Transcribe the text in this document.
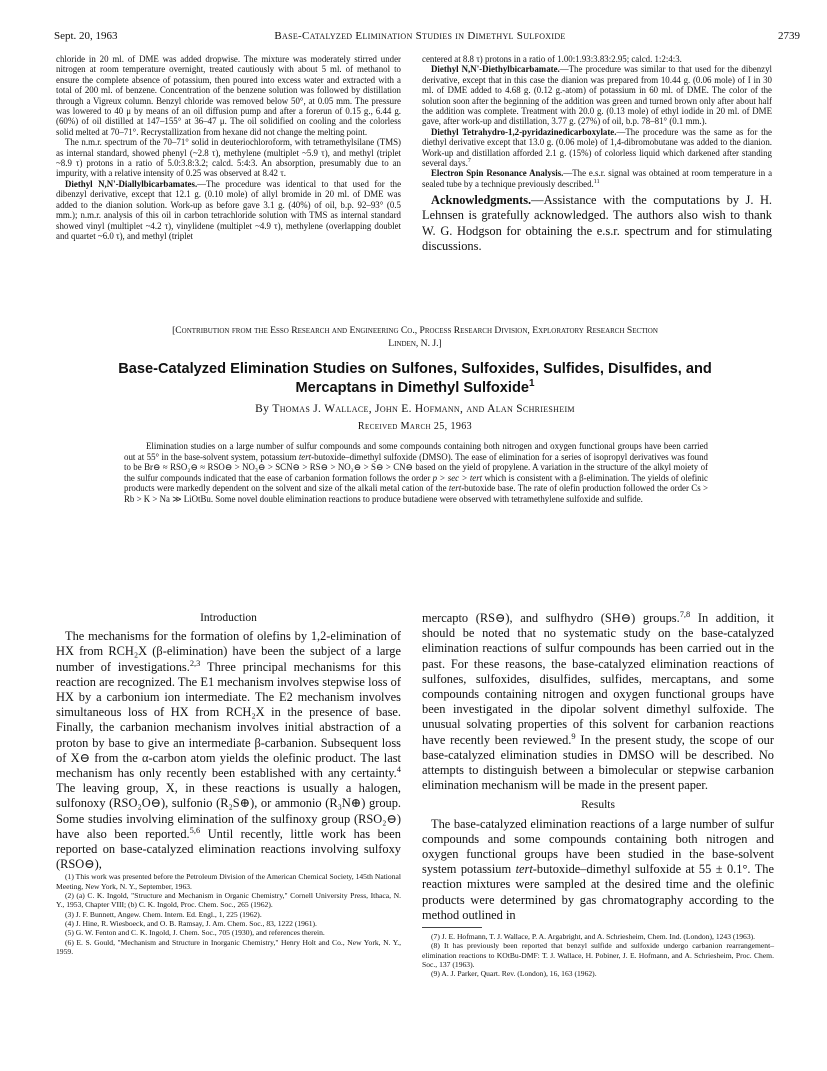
Sept. 20, 1963	Base-Catalyzed Elimination Studies in Dimethyl Sulfoxide	2739

chloride in 20 ml. of DME was added dropwise. The mixture was moderately stirred under nitrogen at room temperature overnight, treated cautiously with about 5 ml. of methanol to ensure the complete absence of potassium, then poured into excess water and extracted with a total of 200 ml. of benzene. Concentration of the benzene solution was followed by distillation through a Vigreux column. Benzyl chloride was removed below 50°, at 0.05 mm. The pressure was lowered to 40 μ by means of an oil diffusion pump and after a forerun of 0.15 g., 6.44 g. (60%) of oil distilled at 147–155° at 36–47 μ. The oil solidified on cooling and the colorless solid melted at 70–71°. Recrystallization from hexane did not change the melting point.

The n.m.r. spectrum of the 70–71° solid in deuteriochloroform, with tetramethylsilane (TMS) as internal standard, showed phenyl (~2.8 τ), methylene (multiplet ~5.9 τ), and methyl (triplet ~8.9 τ) protons in a ratio of 5.0:3.8:3.2; calcd. 5:4:3. An absorption, presumably due to an impurity, with a relative intensity of 0.25 was observed at 8.42 τ.

Diethyl N,N'-Diallylbicarbamates.—The procedure was identical to that used for the dibenzyl derivative, except that 12.1 g. (0.10 mole) of allyl bromide in 20 ml. of DME was added to the dianion solution. Work-up as before gave 3.1 g. (40%) of oil, b.p. 92–93° (0.5 mm.); n.m.r. analysis of this oil in carbon tetrachloride solution with TMS as internal standard showed vinyl (multiplet ~4.2 τ), vinylidene (multiplet ~4.9 τ), methylene (overlapping doublet and quartet ~6.0 τ), and methyl (triplet

centered at 8.8 τ) protons in a ratio of 1.00:1.93:3.83:2.95; calcd. 1:2:4:3.

Diethyl N,N'-Diethylbicarbamate.—The procedure was similar to that used for the dibenzyl derivative, except that in this case the dianion was prepared from 10.44 g. (0.06 mole) of I in 30 ml. of DME added to 4.68 g. (0.12 g.-atom) of potassium in 60 ml. of DME. The color of the solution soon after the beginning of the addition was green and turned brown only after about half the addition was complete. Treatment with 20.0 g. (0.13 mole) of ethyl iodide in 20 ml. of DME gave, after work-up and distillation, 3.77 g. (27%) of oil, b.p. 78–81° (0.1 mm.).

Diethyl Tetrahydro-1,2-pyridazinedicarboxylate.—The procedure was the same as for the diethyl derivative except that 13.0 g. (0.06 mole) of 1,4-dibromobutane was added to the dianion. Work-up and distillation afforded 2.1 g. (15%) of colorless liquid which darkened after standing several days.$^7$

Electron Spin Resonance Analysis.—The e.s.r. signal was obtained at room temperature in a sealed tube by a technique previously described.$^{11}$

Acknowledgments.—Assistance with the computations by J. H. Lehnsen is gratefully acknowledged. The authors also wish to thank W. G. Hodgson for obtaining the e.s.r. spectrum and for stimulating discussions.

[Contribution from the Esso Research and Engineering Co., Process Research Division, Exploratory Research Section
Linden, N. J.]
Base-Catalyzed Elimination Studies on Sulfones, Sulfoxides, Sulfides, Disulfides, and
Mercaptans in Dimethyl Sulfoxide$^1$
By Thomas J. Wallace, John E. Hofmann, and Alan Schriesheim
Received March 25, 1963
Elimination studies on a large number of sulfur compounds and some compounds containing both nitrogen and oxygen functional groups have been carried out at 55° in the base-solvent system, potassium tert-butoxide–dimethyl sulfoxide (DMSO). The ease of elimination for a series of isopropyl derivatives was found to be Br⊖ ≈ RSO₂⊖ ≈ RSO⊖ > NO₃⊖ > SCN⊖ > RS⊖ > NO₂⊖ > S⊖ > CN⊖ based on the yield of propylene. A variation in the structure of the alkyl moiety of the sulfur compounds indicated that the ease of carbanion formation follows the order p > sec > tert which is consistent with a β-elimination. The yields of olefinic products were markedly dependent on the solvent and size of the alkali metal cation of the tert-butoxide base. The rate of olefin production followed the order Cs > Rb > K > Na ≫ LiOtBu. Some novel double elimination reactions to produce butadiene were observed with tetramethylene sulfoxide and sulfide.
Introduction

The mechanisms for the formation of olefins by 1,2-elimination of HX from RCH₂X (β-elimination) have been the subject of a large number of investigations.$^{2,3}$ Three principal mechanisms for this reaction are recognized. The E1 mechanism involves stepwise loss of HX by a carbonium ion intermediate. The E2 mechanism involves simultaneous loss of HX from RCH₂X in the presence of base. Finally, the carbanion mechanism involves initial abstraction of a proton by base to give an intermediate β-carbanion. Subsequent loss of X⊖ from the α-carbon atom yields the olefinic product. The last mechanism has only recently been established with any certainty.$^4$ The leaving group, X, in these reactions is usually a halogen, sulfonoxy (RSO₂O⊖), sulfonio (R₂S⊕), or ammonio (R₃N⊕) group. Some studies involving elimination of the sulfinoxy group (RSO₂⊖) have also been reported.$^{5,6}$ Until recently, little work has been reported on base-catalyzed elimination reactions involving sulfoxy (RSO⊖),

(1) This work was presented before the Petroleum Division of the American Chemical Society, 145th National Meeting, New York, N. Y., September, 1963.

(2) (a) C. K. Ingold, "Structure and Mechanism in Organic Chemistry," Cornell University Press, Ithaca, N. Y., 1953, Chapter VIII; (b) C. K. Ingold, Proc. Chem. Soc., 265 (1962).

(3) J. F. Bunnett, Angew. Chem. Intern. Ed. Engl., 1, 225 (1962).

(4) J. Hine, R. Wiesboeck, and O. B. Ramsay, J. Am. Chem. Soc., 83, 1222 (1961).

(5) G. W. Fenton and C. K. Ingold, J. Chem. Soc., 705 (1930), and references therein.

(6) E. S. Gould, "Mechanism and Structure in Inorganic Chemistry," Henry Holt and Co., New York, N. Y., 1959.

mercapto (RS⊖), and sulfhydro (SH⊖) groups.$^{7,8}$ In addition, it should be noted that no systematic study on the base-catalyzed elimination reactions of sulfur compounds has been carried out in the past. For these reasons, the base-catalyzed elimination reactions of sulfones, sulfoxides, disulfides, sulfides, mercaptans, and some compounds containing nitrogen and oxygen functional groups have been investigated in the dipolar solvent dimethyl sulfoxide. The unusual solvating properties of this solvent for carbanion reactions have recently been reviewed.$^9$ In the present study, the scope of our base-catalyzed elimination studies in DMSO will be described. No attempts to distinguish between a bimolecular or stepwise carbanion elimination mechanism will be made in the present paper.

Results

The base-catalyzed elimination reactions of a large number of sulfur compounds and some compounds containing both nitrogen and oxygen functional groups have been studied in the base-solvent system potassium tert-butoxide–dimethyl sulfoxide at 55 ± 0.1°. The reaction mixtures were sampled at the desired time and the olefinic products were determined by gas chromatography according to the method outlined in

(7) J. E. Hofmann, T. J. Wallace, P. A. Argabright, and A. Schriesheim, Chem. Ind. (London), 1243 (1963).

(8) It has previously been reported that benzyl sulfide and sulfoxide undergo carbanion rearrangement–elimination reactions to KOtBu-DMF: T. J. Wallace, H. Pobiner, J. E. Hofmann, and A. Schriesheim, Proc. Chem. Soc., 137 (1963).

(9) A. J. Parker, Quart. Rev. (London), 16, 163 (1962).
